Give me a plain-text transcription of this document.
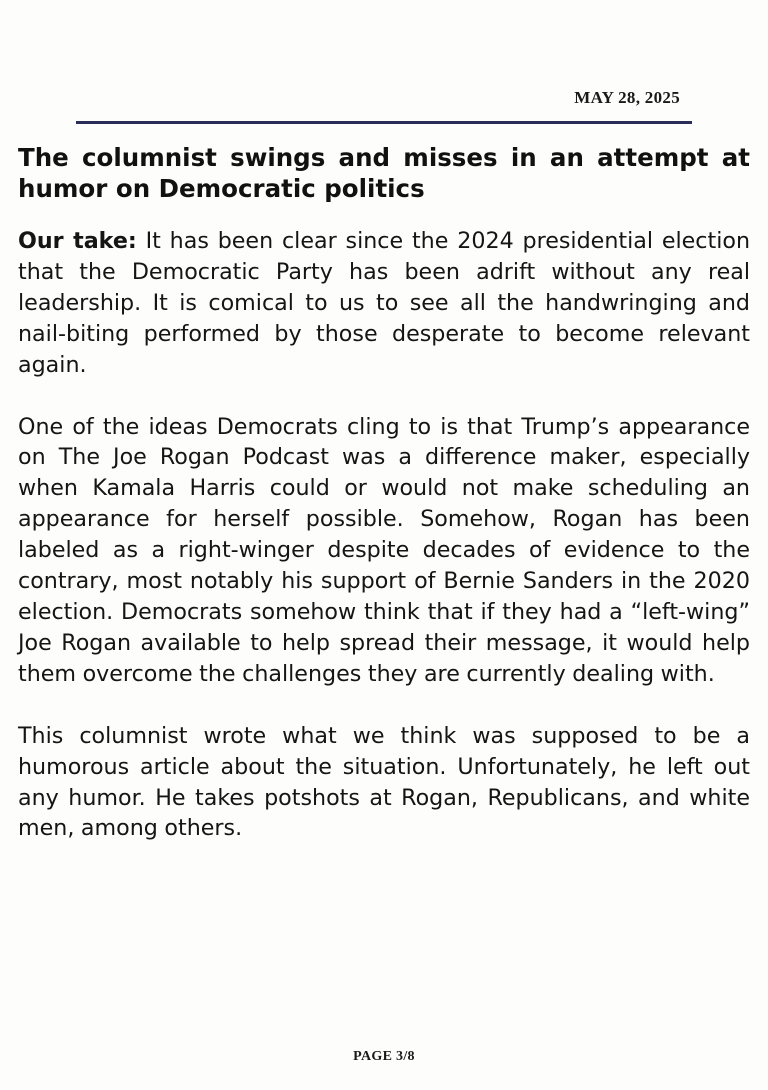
MAY 28, 2025
The columnist swings and misses in an attempt at humor on Democratic politics

Our take: It has been clear since the 2024 presidential election that the Democratic Party has been adrift without any real leadership. It is comical to us to see all the handwringing and nail-biting performed by those desperate to become relevant again.

One of the ideas Democrats cling to is that Trump’s appearance on The Joe Rogan Podcast was a difference maker, especially when Kamala Harris could or would not make scheduling an appearance for herself possible. Somehow, Rogan has been labeled as a right-winger despite decades of evidence to the contrary, most notably his support of Bernie Sanders in the 2020 election. Democrats somehow think that if they had a “left-wing” Joe Rogan available to help spread their message, it would help them overcome the challenges they are currently dealing with.

This columnist wrote what we think was supposed to be a humorous article about the situation. Unfortunately, he left out any humor. He takes potshots at Rogan, Republicans, and white men, among others.

PAGE 3/8
